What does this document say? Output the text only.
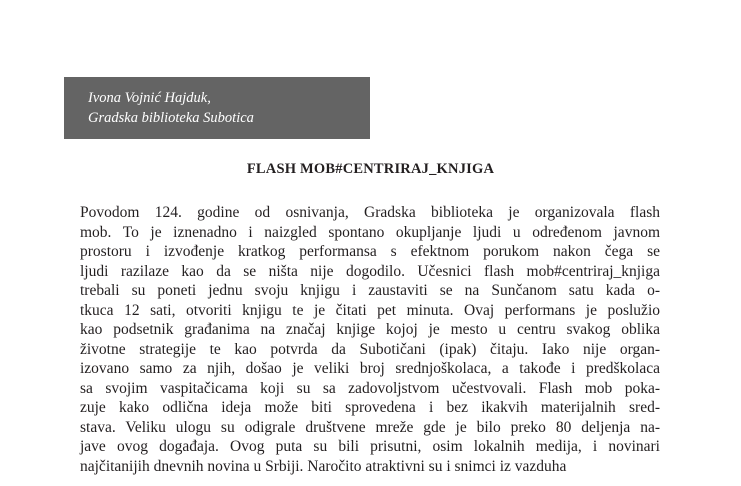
Ivona Vojnić Hajduk,
Gradska biblioteka Subotica
FLASH MOB#CENTRIRAJ_KNJIGA
Povodom 124. godine od osnivanja, Gradska biblioteka je organizovala flash
mob. To je iznenadno i naizgled spontano okupljanje ljudi u određenom javnom
prostoru i izvođenje kratkog performansa s efektnom porukom nakon čega se
ljudi razilaze kao da se ništa nije dogodilo. Učesnici flash mob#centriraj_knjiga
trebali su poneti jednu svoju knjigu i zaustaviti se na Sunčanom satu kada o-
tkuca 12 sati, otvoriti knjigu te je čitati pet minuta. Ovaj performans je poslužio
kao podsetnik građanima na značaj knjige kojoj je mesto u centru svakog oblika
životne strategije te kao potvrda da Subotičani (ipak) čitaju. Iako nije organ-
izovano samo za njih, došao je veliki broj srednjoškolaca, a takođe i predškolaca
sa svojim vaspitačicama koji su sa zadovoljstvom učestvovali. Flash mob poka-
zuje kako odlična ideja može biti sprovedena i bez ikakvih materijalnih sred-
stava. Veliku ulogu su odigrale društvene mreže gde je bilo preko 80 deljenja na-
jave ovog događaja. Ovog puta su bili prisutni, osim lokalnih medija, i novinari
najčitanijih dnevnih novina u Srbiji. Naročito atraktivni su i snimci iz vazduha
